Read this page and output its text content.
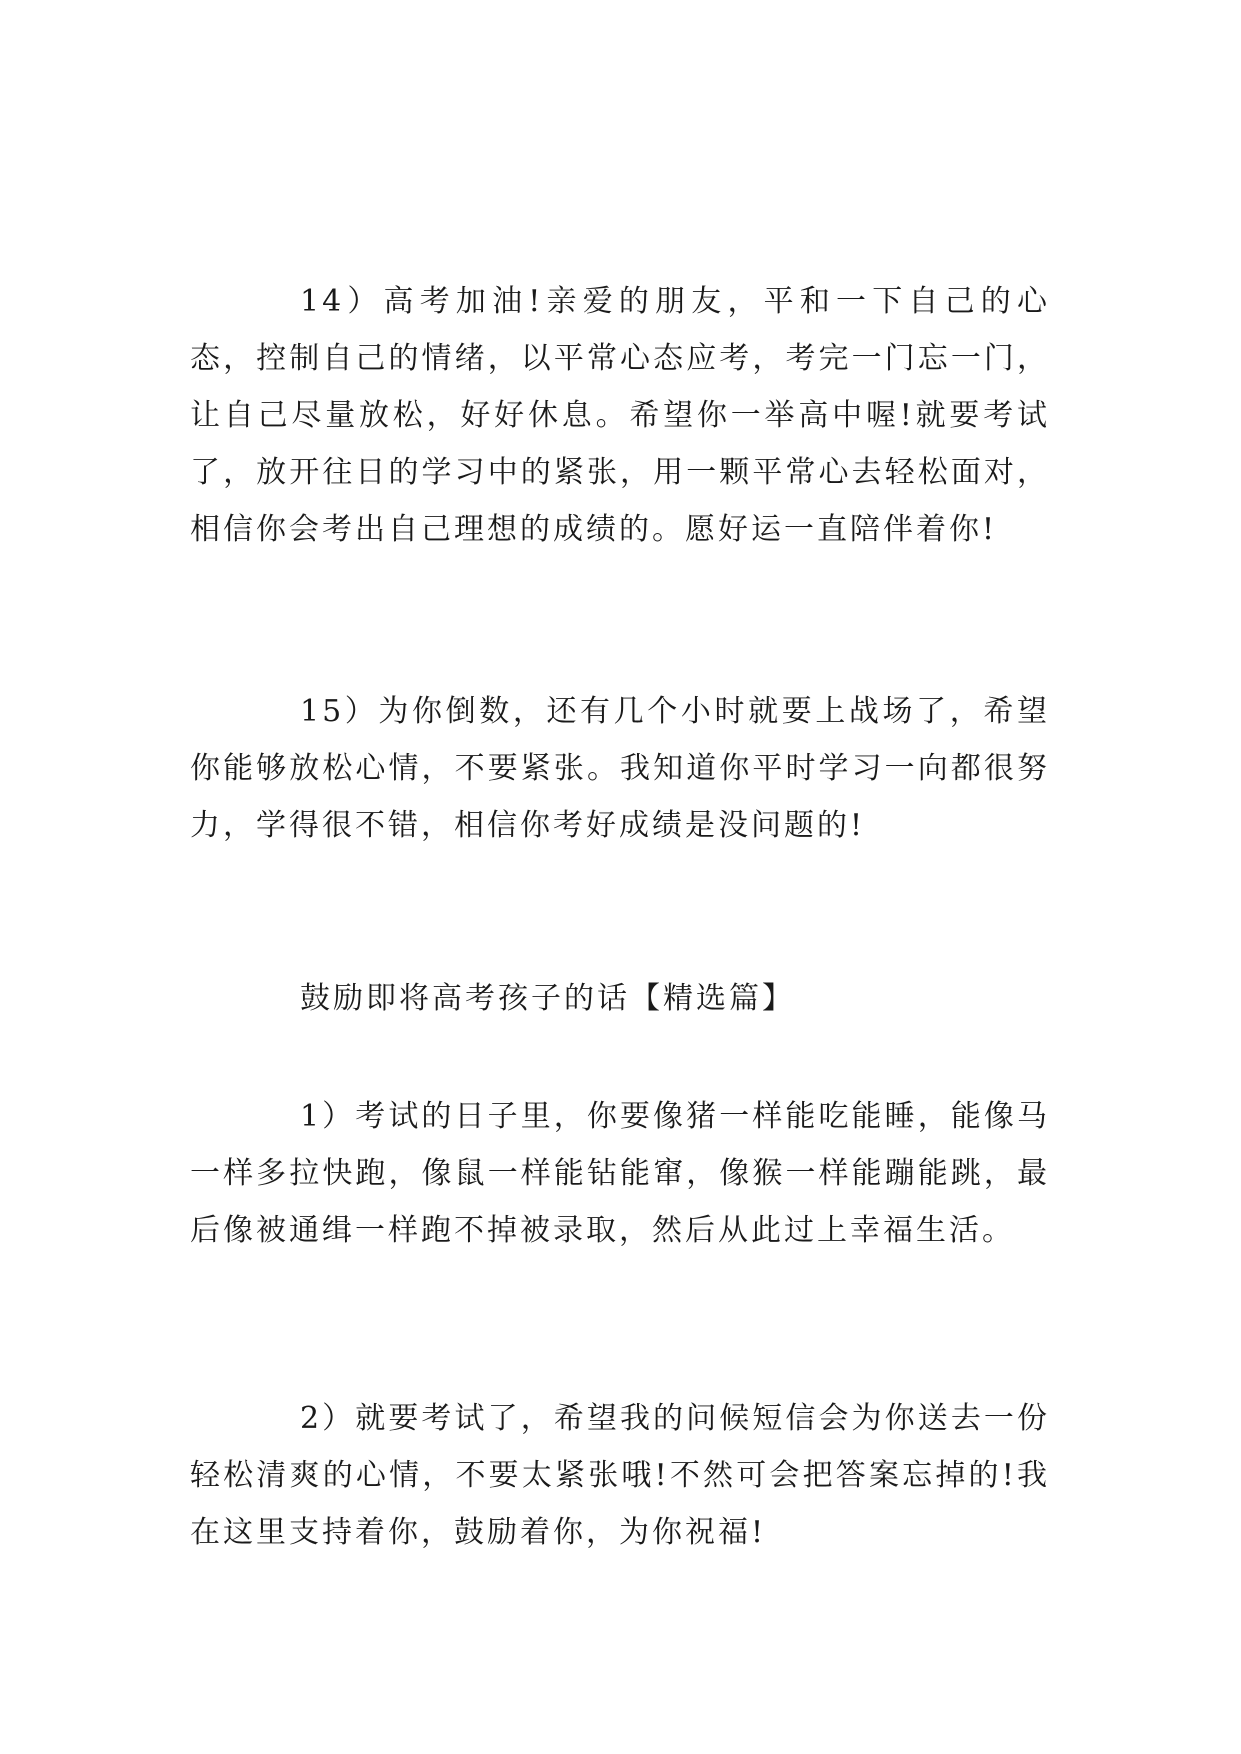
14）高考加油!亲爱的朋友，平和一下自己的心态，控制自己的情绪，以平常心态应考，考完一门忘一门，让自己尽量放松，好好休息。希望你一举高中喔!就要考试了，放开往日的学习中的紧张，用一颗平常心去轻松面对，相信你会考出自己理想的成绩的。愿好运一直陪伴着你!

15）为你倒数，还有几个小时就要上战场了，希望你能够放松心情，不要紧张。我知道你平时学习一向都很努力，学得很不错，相信你考好成绩是没问题的!

鼓励即将高考孩子的话【精选篇】

1）考试的日子里，你要像猪一样能吃能睡，能像马一样多拉快跑，像鼠一样能钻能窜，像猴一样能蹦能跳，最后像被通缉一样跑不掉被录取，然后从此过上幸福生活。

2）就要考试了，希望我的问候短信会为你送去一份轻松清爽的心情，不要太紧张哦!不然可会把答案忘掉的!我在这里支持着你，鼓励着你，为你祝福!
